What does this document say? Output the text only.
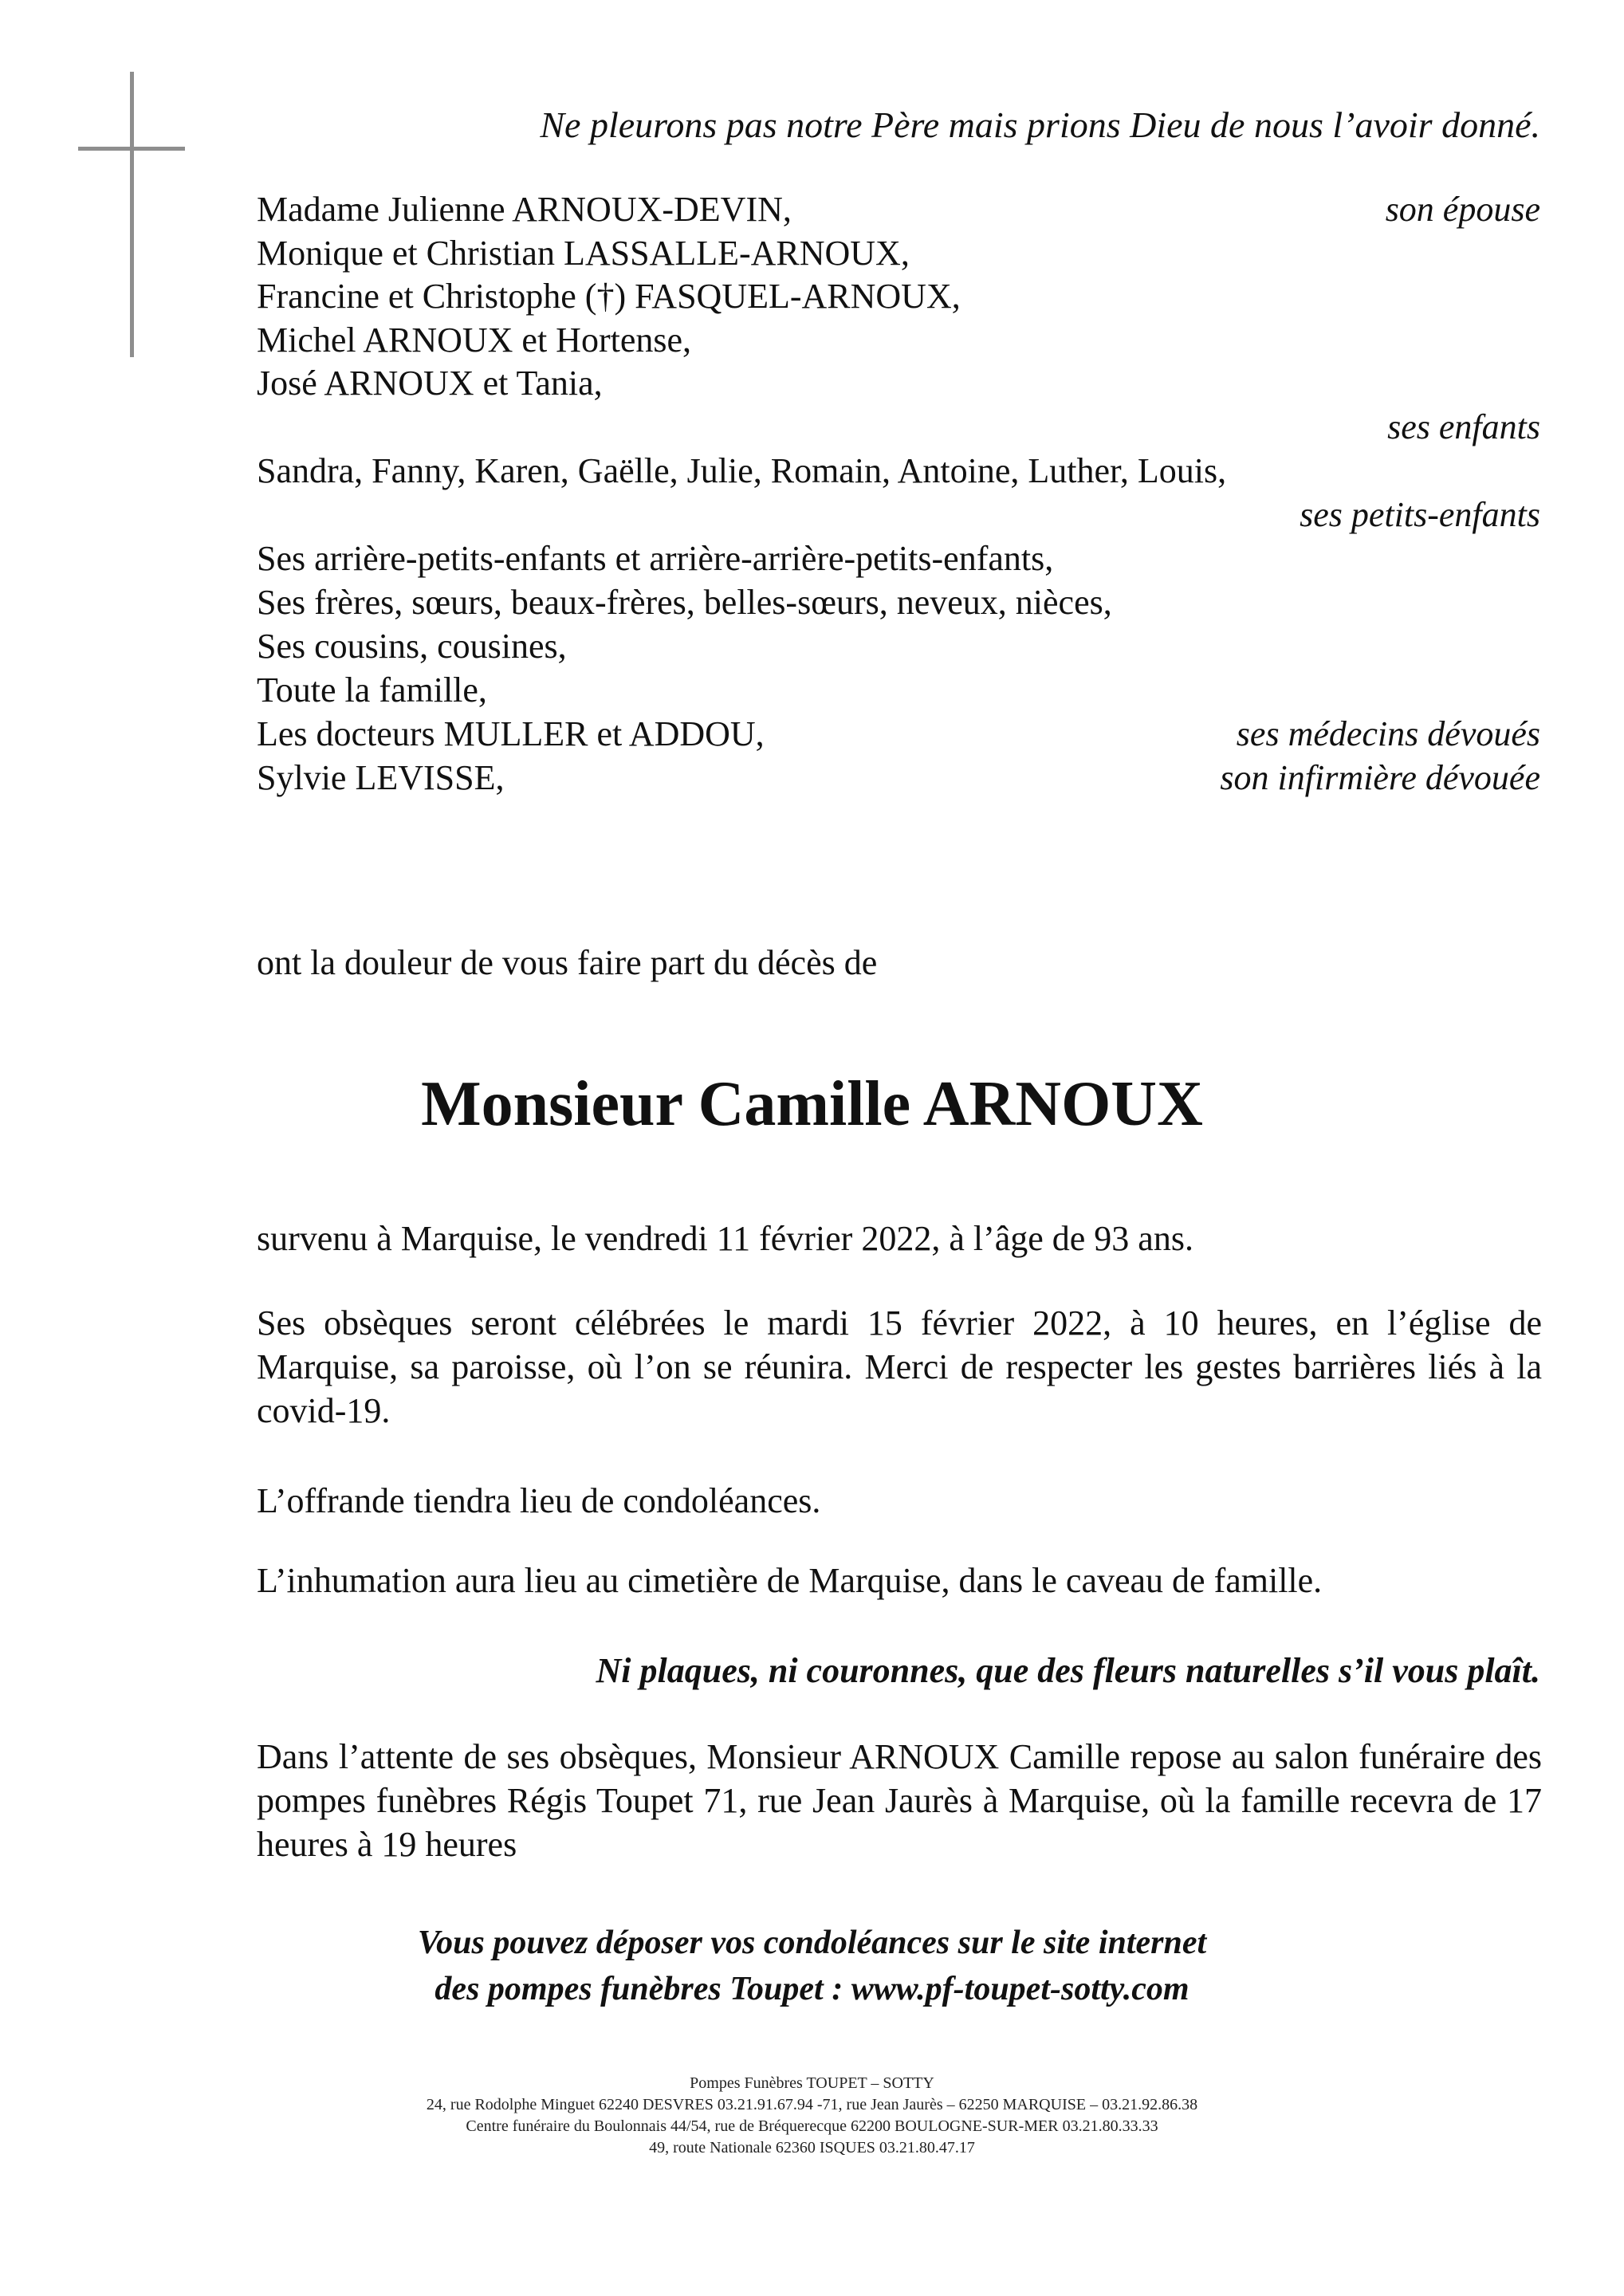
Ne pleurons pas notre Père mais prions Dieu de nous l’avoir donné.
Madame Julienne ARNOUX-DEVIN,
Monique et Christian LASSALLE-ARNOUX,
Francine et Christophe (†) FASQUEL-ARNOUX,
Michel ARNOUX et Hortense,
José ARNOUX et Tania,
Sandra, Fanny, Karen, Gaëlle, Julie, Romain, Antoine, Luther, Louis,
Ses arrière-petits-enfants et arrière-arrière-petits-enfants,
Ses frères, sœurs, beaux-frères, belles-sœurs, neveux, nièces,
Ses cousins, cousines,
Toute la famille,
Les docteurs MULLER et ADDOU,
Sylvie LEVISSE,
son épouse
ses enfants
ses petits-enfants
ses médecins dévoués
son infirmière dévouée
ont la douleur de vous faire part du décès de
Monsieur Camille ARNOUX
survenu à Marquise, le vendredi 11 février 2022, à l’âge de 93 ans.
Ses obsèques seront célébrées le mardi 15 février 2022, à 10 heures, en l’église de Marquise, sa paroisse, où l’on se réunira. Merci de respecter les gestes barrières liés à la covid-19.
L’offrande tiendra lieu de condoléances.
L’inhumation aura lieu au cimetière de Marquise, dans le caveau de famille.
Ni plaques, ni couronnes, que des fleurs naturelles s’il vous plaît.
Dans l’attente de ses obsèques, Monsieur ARNOUX Camille repose au salon funéraire des pompes funèbres Régis Toupet 71, rue Jean Jaurès à Marquise, où la famille recevra de 17 heures à 19 heures
Vous pouvez déposer vos condoléances sur le site internet
des pompes funèbres Toupet : www.pf-toupet-sotty.com
Pompes Funèbres TOUPET – SOTTY
24, rue Rodolphe Minguet 62240 DESVRES 03.21.91.67.94 -71, rue Jean Jaurès – 62250 MARQUISE – 03.21.92.86.38
Centre funéraire du Boulonnais 44/54, rue de Bréquerecque 62200 BOULOGNE-SUR-MER 03.21.80.33.33
49, route Nationale 62360 ISQUES 03.21.80.47.17
